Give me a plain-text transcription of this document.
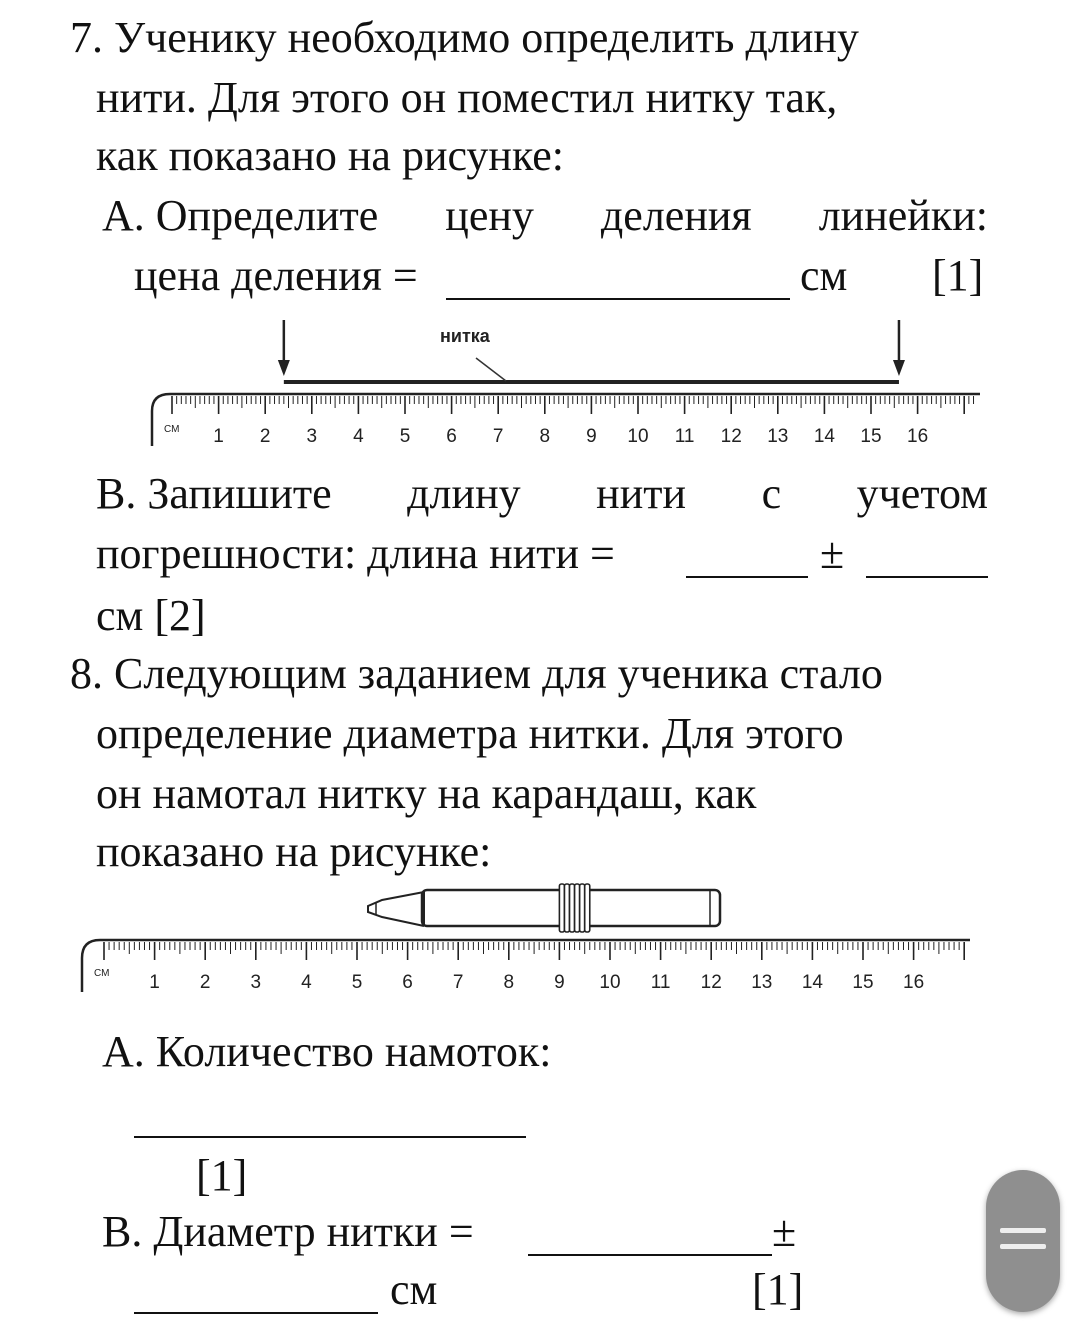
7. Ученику необходимо определить длину
нити. Для этого он поместил нитку так,
как показано на рисунке:
А. Определите цену деления линейки:
цена деления =	см [1]
СМ 1 2 3 4 5 6 7 8 9 10 11 12 13 14 15 16
нитка
В. Запишите длину нити с учетом
погрешности: длина нити =	±
см [2]
8. Следующим заданием для ученика стало
определение диаметра нитки. Для этого
он намотал нитку на карандаш, как
показано на рисунке:
СМ 1 2 3 4 5 6 7 8 9 10 11 12 13 14 15 16
А. Количество намоток:
[1]
В. Диаметр нитки =	±
см	[1]
